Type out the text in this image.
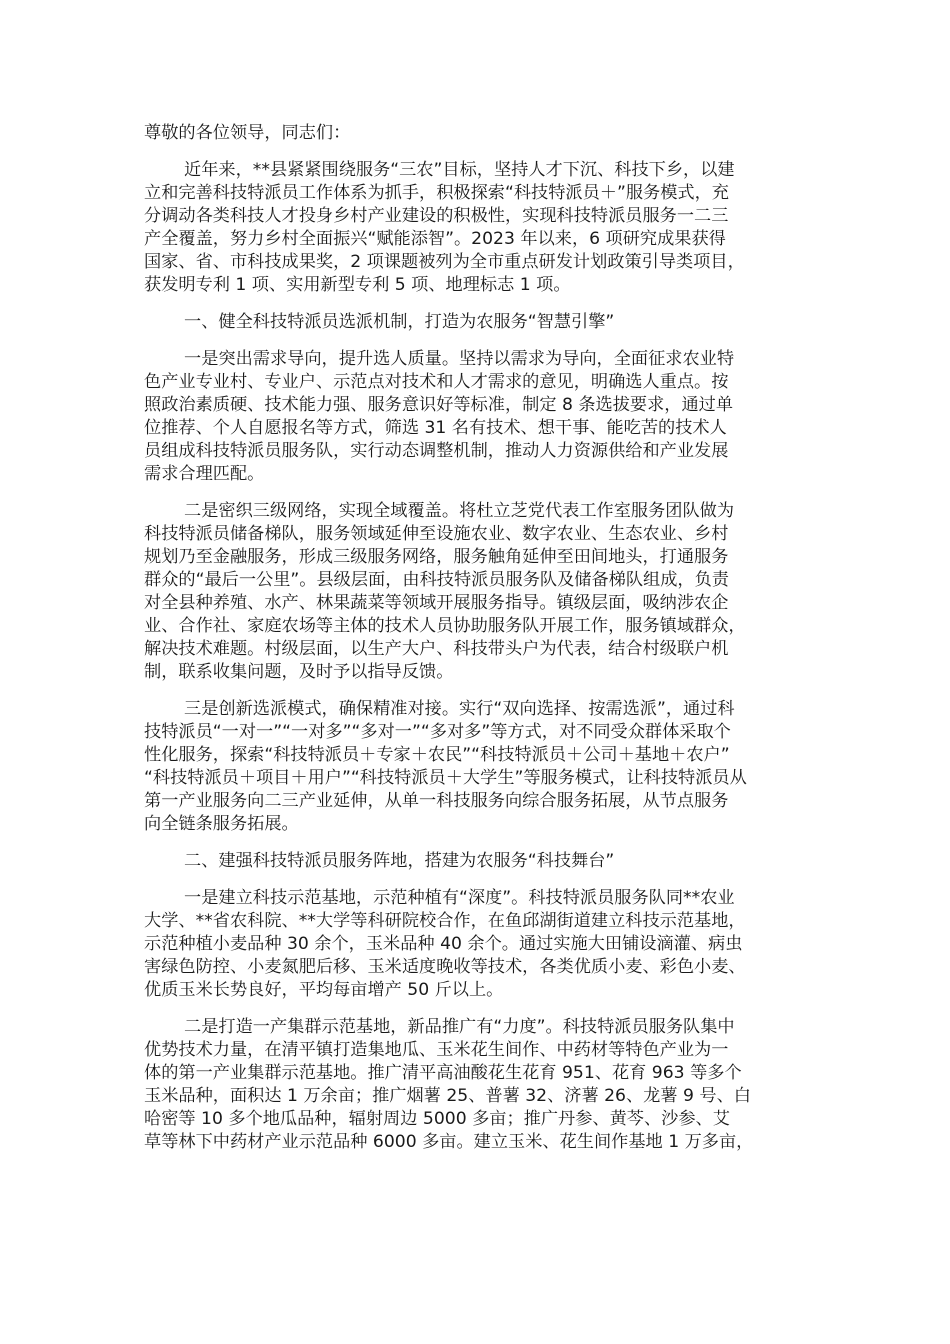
尊敬的各位领导，同志们：
近年来，**县紧紧围绕服务“三农”目标，坚持人才下沉、科技下乡，以建
立和完善科技特派员工作体系为抓手，积极探索“科技特派员＋”服务模式，充
分调动各类科技人才投身乡村产业建设的积极性，实现科技特派员服务一二三
产全覆盖，努力乡村全面振兴“赋能添智”。2023 年以来，6 项研究成果获得
国家、省、市科技成果奖，2 项课题被列为全市重点研发计划政策引导类项目，
获发明专利 1 项、实用新型专利 5 项、地理标志 1 项。
一、健全科技特派员选派机制，打造为农服务“智慧引擎”
一是突出需求导向，提升选人质量。坚持以需求为导向，全面征求农业特
色产业专业村、专业户、示范点对技术和人才需求的意见，明确选人重点。按
照政治素质硬、技术能力强、服务意识好等标准，制定 8 条选拔要求，通过单
位推荐、个人自愿报名等方式，筛选 31 名有技术、想干事、能吃苦的技术人
员组成科技特派员服务队，实行动态调整机制，推动人力资源供给和产业发展
需求合理匹配。
二是密织三级网络，实现全域覆盖。将杜立芝党代表工作室服务团队做为
科技特派员储备梯队，服务领域延伸至设施农业、数字农业、生态农业、乡村
规划乃至金融服务，形成三级服务网络，服务触角延伸至田间地头，打通服务
群众的“最后一公里”。县级层面，由科技特派员服务队及储备梯队组成，负责
对全县种养殖、水产、林果蔬菜等领域开展服务指导。镇级层面，吸纳涉农企
业、合作社、家庭农场等主体的技术人员协助服务队开展工作，服务镇域群众，
解决技术难题。村级层面，以生产大户、科技带头户为代表，结合村级联户机
制，联系收集问题，及时予以指导反馈。
三是创新选派模式，确保精准对接。实行“双向选择、按需选派”，通过科
技特派员“一对一”“一对多”“多对一”“多对多”等方式，对不同受众群体采取个
性化服务，探索“科技特派员＋专家＋农民”“科技特派员＋公司＋基地＋农户”
“科技特派员＋项目＋用户”“科技特派员＋大学生”等服务模式，让科技特派员从
第一产业服务向二三产业延伸，从单一科技服务向综合服务拓展，从节点服务
向全链条服务拓展。
二、建强科技特派员服务阵地，搭建为农服务“科技舞台”
一是建立科技示范基地，示范种植有“深度”。科技特派员服务队同**农业
大学、**省农科院、**大学等科研院校合作，在鱼邱湖街道建立科技示范基地，
示范种植小麦品种 30 余个，玉米品种 40 余个。通过实施大田铺设滴灌、病虫
害绿色防控、小麦氮肥后移、玉米适度晚收等技术，各类优质小麦、彩色小麦、
优质玉米长势良好，平均每亩增产 50 斤以上。
二是打造一产集群示范基地，新品推广有“力度”。科技特派员服务队集中
优势技术力量，在清平镇打造集地瓜、玉米花生间作、中药材等特色产业为一
体的第一产业集群示范基地。推广清平高油酸花生花育 951、花育 963 等多个
玉米品种，面积达 1 万余亩；推广烟薯 25、普薯 32、济薯 26、龙薯 9 号、白
哈密等 10 多个地瓜品种，辐射周边 5000 多亩；推广丹参、黄芩、沙参、艾
草等林下中药材产业示范品种 6000 多亩。建立玉米、花生间作基地 1 万多亩，
